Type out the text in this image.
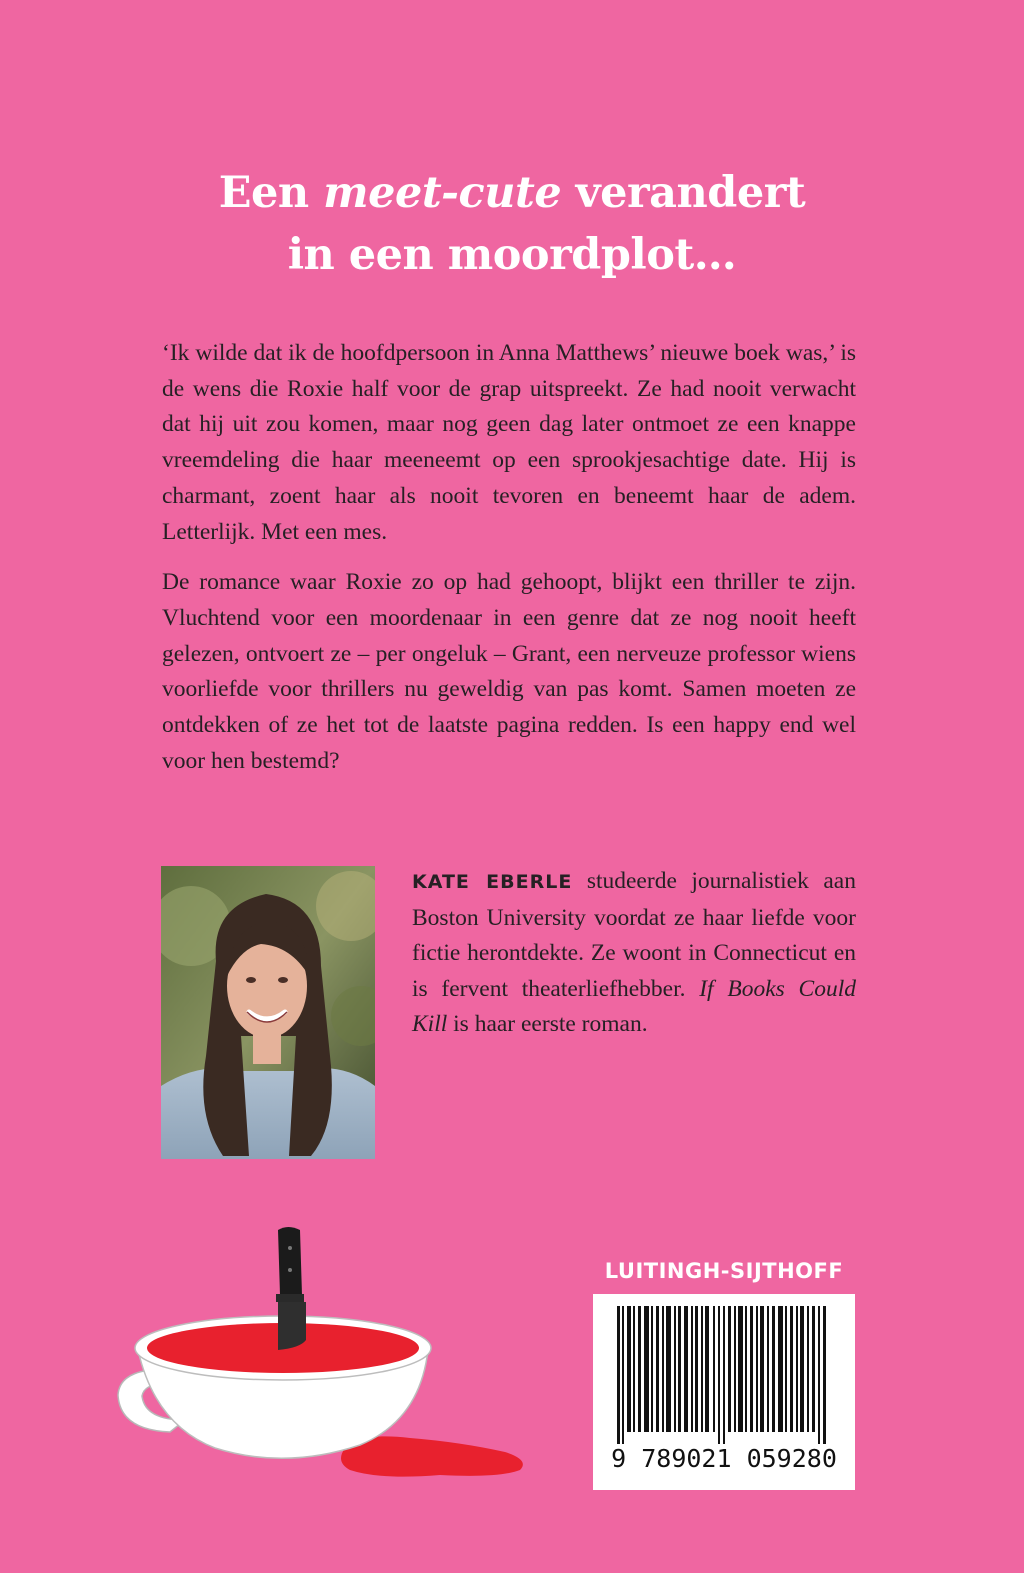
Een meet-cute verandert
in een moordplot…

‘Ik wilde dat ik de hoofdpersoon in Anna Matthews’ nieuwe boek was,’ is de wens die Roxie half voor de grap uitspreekt. Ze had nooit verwacht dat hij uit zou komen, maar nog geen dag later ontmoet ze een knappe vreemdeling die haar meeneemt op een sprookjesachtige date. Hij is charmant, zoent haar als nooit tevoren en beneemt haar de adem. Letterlijk. Met een mes.

De romance waar Roxie zo op had gehoopt, blijkt een thriller te zijn. Vluchtend voor een moordenaar in een genre dat ze nog nooit heeft gelezen, ontvoert ze – per ongeluk – Grant, een nerveuze professor wiens voorliefde voor thrillers nu geweldig van pas komt. Samen moeten ze ontdekken of ze het tot de laatste pagina redden. Is een happy end wel voor hen bestemd?

KATE EBERLE studeerde journalistiek aan Boston University voordat ze haar liefde voor fictie herontdekte. Ze woont in Connecticut en is fervent theaterliefhebber. If Books Could Kill is haar eerste roman.

LUITINGH-SIJTHOFF
9 789021 059280
